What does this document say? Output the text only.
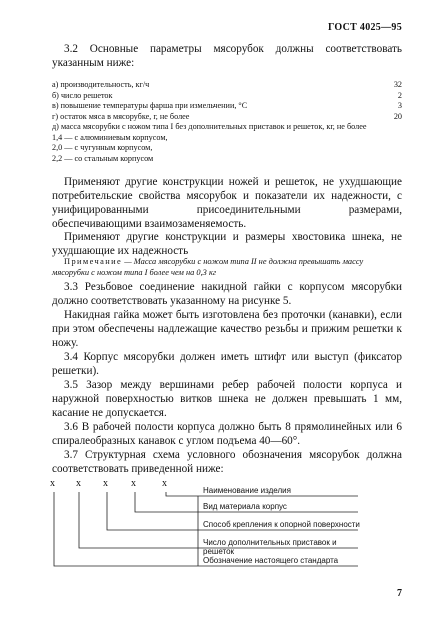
ГОСТ 4025—95

3.2 Основные параметры мясорубок должны соответствовать указанным ниже:

а) производительность, кг/ч	32
б) число решеток	2
в) повышение температуры фарша при измельчении, °С	3
г) остаток мяса в мясорубке, г, не более	20
д) масса мясорубки с ножом типа I без дополнительных приставок и решеток, кг, не более
1,4 — с алюминиевым корпусом,
2,0 — с чугунным корпусом,
2,2 — со стальным корпусом

Применяют другие конструкции ножей и решеток, не ухудшающие потребительские свойства мясорубок и показатели их надежности, с унифицированными присоединительными размерами, обеспечивающими взаимозаменяемость.

Применяют другие конструкции и размеры хвостовика шнека, не ухудшающие их надежность

Примечание — Масса мясорубки с ножом типа II не должна превышать массу мясорубки с ножом типа I более чем на 0,3 кг

3.3 Резьбовое соединение накидной гайки с корпусом мясорубки должно соответствовать указанному на рисунке 5.

Накидная гайка может быть изготовлена без проточки (канавки), если при этом обеспечены надлежащие качество резьбы и прижим решетки к ножу.

3.4 Корпус мясорубки должен иметь штифт или выступ (фиксатор решетки).

3.5 Зазор между вершинами ребер рабочей полости корпуса и наружной поверхностью витков шнека не должен превышать 1 мм, касание не допускается.

3.6 В рабочей полости корпуса должно быть 8 прямолинейных или 6 спиралеобразных канавок с углом подъема 40—60°.

3.7 Структурная схема условного обозначения мясорубок должна соответствовать приведенной ниже:

х х х х	х
Наименование изделия
Вид материала корпус
Способ крепления к опорной поверхности
Число дополнительных приставок и решеток
Обозначение настоящего стандарта
7
